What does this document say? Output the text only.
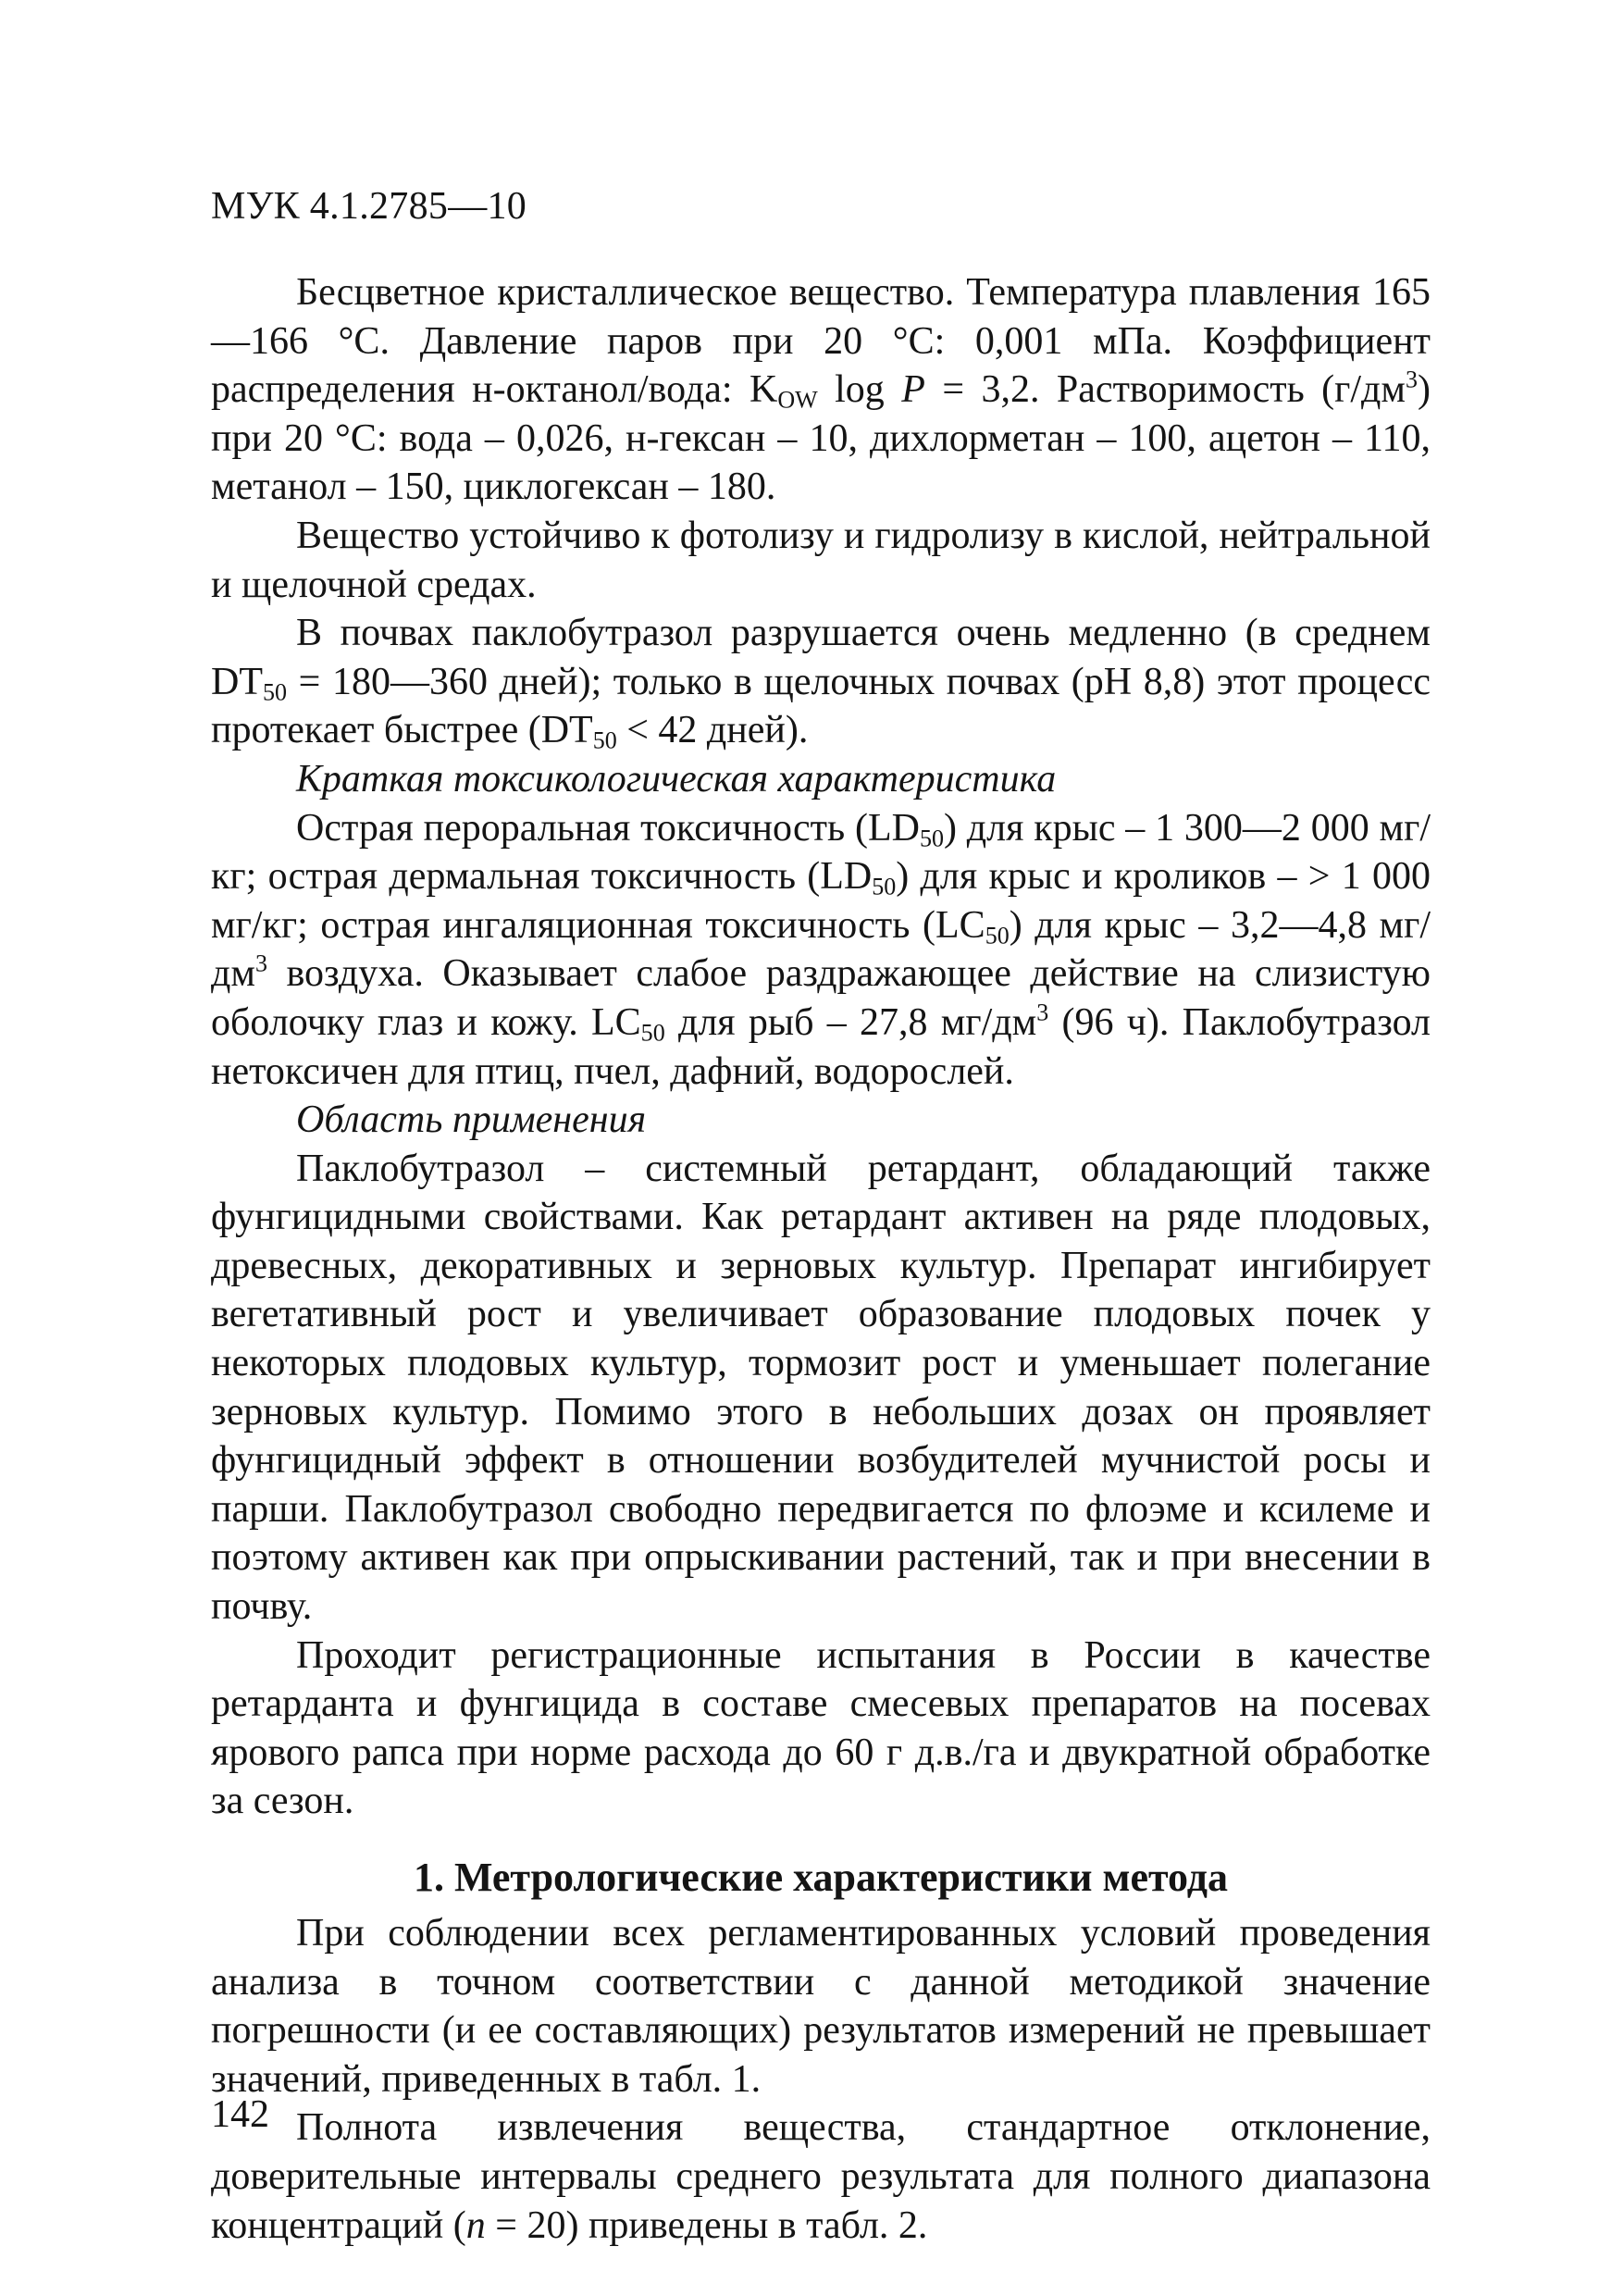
МУК 4.1.2785—10

Бесцветное кристаллическое вещество. Температура плавления 165—166 °С. Давление паров при 20 °С: 0,001 мПа. Коэффициент распределения н-октанол/вода: $K_{OW}$ log P = 3,2. Растворимость $(г/дм^3)$ при 20 °С: вода – 0,026, н-гексан – 10, дихлорметан – 100, ацетон – 110, метанол – 150, циклогексан – 180.

Вещество устойчиво к фотолизу и гидролизу в кислой, нейтральной и щелочной средах.

В почвах паклобутразол разрушается очень медленно (в среднем $DT_{50}$ = 180—360 дней); только в щелочных почвах (рН 8,8) этот процесс протекает быстрее ($DT_{50} < 42$ дней).

Краткая токсикологическая характеристика

Острая пероральная токсичность $(LD_{50})$ для крыс – 1 300—2 000 мг/кг; острая дермальная токсичность $(LD_{50})$ для крыс и кроликов – > 1 000 мг/кг; острая ингаляционная токсичность $(LC_{50})$ для крыс – 3,2—4,8 $мг/дм^3$ воздуха. Оказывает слабое раздражающее действие на слизистую оболочку глаз и кожу. $LC_{50}$ для рыб – 27,8 $мг/дм^3$ (96 ч). Паклобутразол нетоксичен для птиц, пчел, дафний, водорослей.

Область применения

Паклобутразол – системный ретардант, обладающий также фунгицидными свойствами. Как ретардант активен на ряде плодовых, древесных, декоративных и зерновых культур. Препарат ингибирует вегетативный рост и увеличивает образование плодовых почек у некоторых плодовых культур, тормозит рост и уменьшает полегание зерновых культур. Помимо этого в небольших дозах он проявляет фунгицидный эффект в отношении возбудителей мучнистой росы и парши. Паклобутразол свободно передвигается по флоэме и ксилеме и поэтому активен как при опрыскивании растений, так и при внесении в почву.

Проходит регистрационные испытания в России в качестве ретарданта и фунгицида в составе смесевых препаратов на посевах ярового рапса при норме расхода до 60 г д.в./га и двукратной обработке за сезон.

1. Метрологические характеристики метода

При соблюдении всех регламентированных условий проведения анализа в точном соответствии с данной методикой значение погрешности (и ее составляющих) результатов измерений не превышает значений, приведенных в табл. 1.

Полнота извлечения вещества, стандартное отклонение, доверительные интервалы среднего результата для полного диапазона концентраций (n = 20) приведены в табл. 2.

142
